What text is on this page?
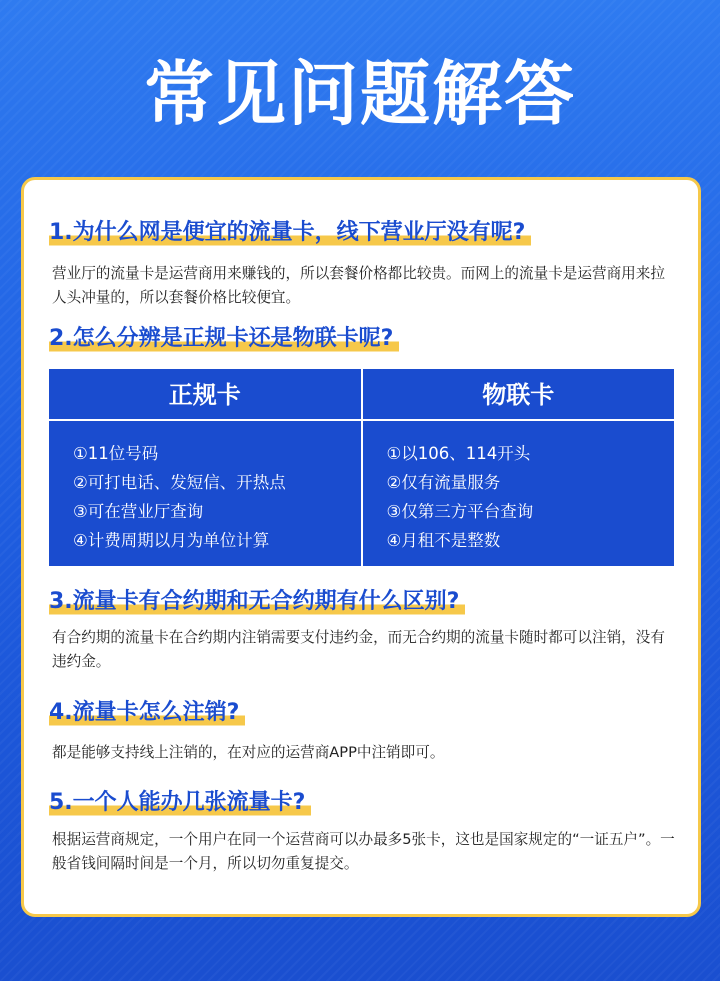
常见问题解答
1.为什么网是便宜的流量卡，线下营业厅没有呢?
营业厅的流量卡是运营商用来赚钱的，所以套餐价格都比较贵。而网上的流量卡是运营商用来拉人头冲量的，所以套餐价格比较便宜。
2.怎么分辨是正规卡还是物联卡呢?
正规卡
①11位号码
②可打电话、发短信、开热点
③可在营业厅查询
④计费周期以月为单位计算
物联卡
①以106、114开头
②仅有流量服务
③仅第三方平台查询
④月租不是整数
3.流量卡有合约期和无合约期有什么区别?
有合约期的流量卡在合约期内注销需要支付违约金，而无合约期的流量卡随时都可以注销，没有违约金。
4.流量卡怎么注销?
都是能够支持线上注销的，在对应的运营商APP中注销即可。
5.一个人能办几张流量卡?
根据运营商规定，一个用户在同一个运营商可以办最多5张卡，这也是国家规定的“一证五户”。一般省钱间隔时间是一个月，所以切勿重复提交。
